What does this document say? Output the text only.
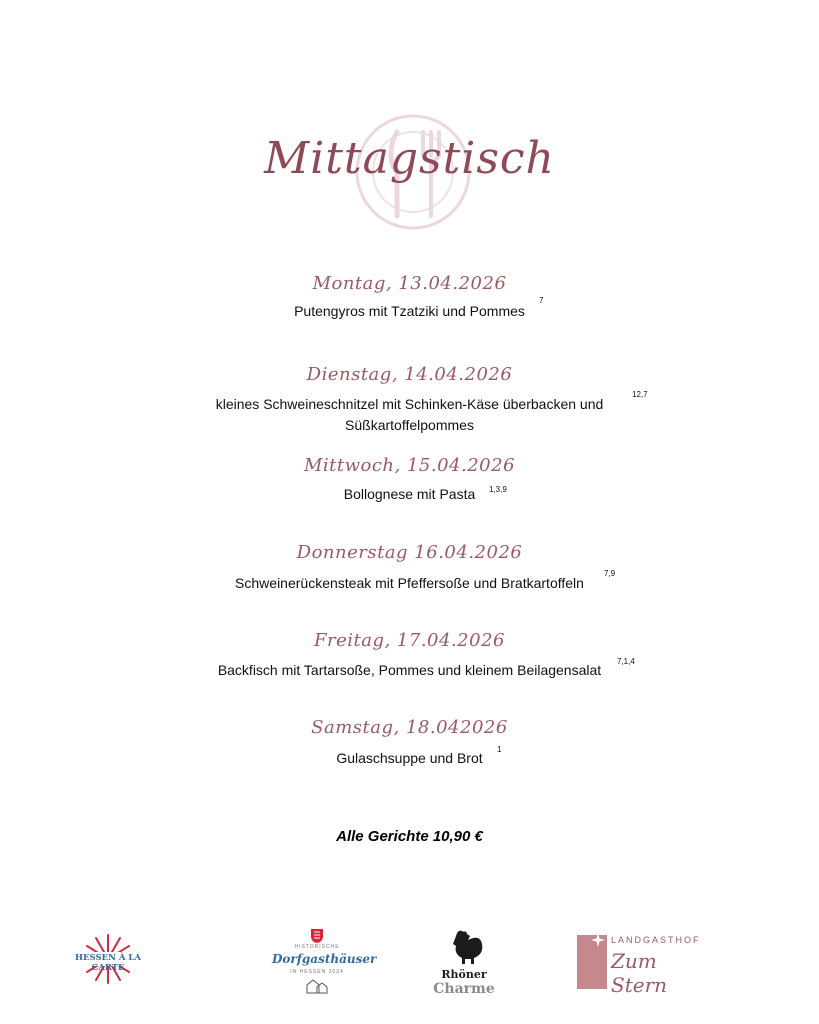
Mittagstisch
Montag, 13.04.2026
Putengyros mit Tzatziki und Pommes
7
Dienstag, 14.04.2026
kleines Schweineschnitzel mit Schinken-Käse überbacken und
Süßkartoffelpommes
12,7
Mittwoch, 15.04.2026
Bollognese mit Pasta	1,3,9
Donnerstag 16.04.2026
Schweinerückensteak mit Pfeffersoße und Bratkartoffeln
7,9
Freitag, 17.04.2026
Backfisch mit Tartarsoße, Pommes und kleinem Beilagensalat
7,1,4
Samstag, 18.042026
Gulaschsuppe und Brot
1
Alle Gerichte 10,90 €
HESSEN À LA CARTE
HISTORISCHE
Dorfgasthäuser
IN HESSEN 2024	Rhöner
Charme
LANDGASTHOF
Zum Stern
